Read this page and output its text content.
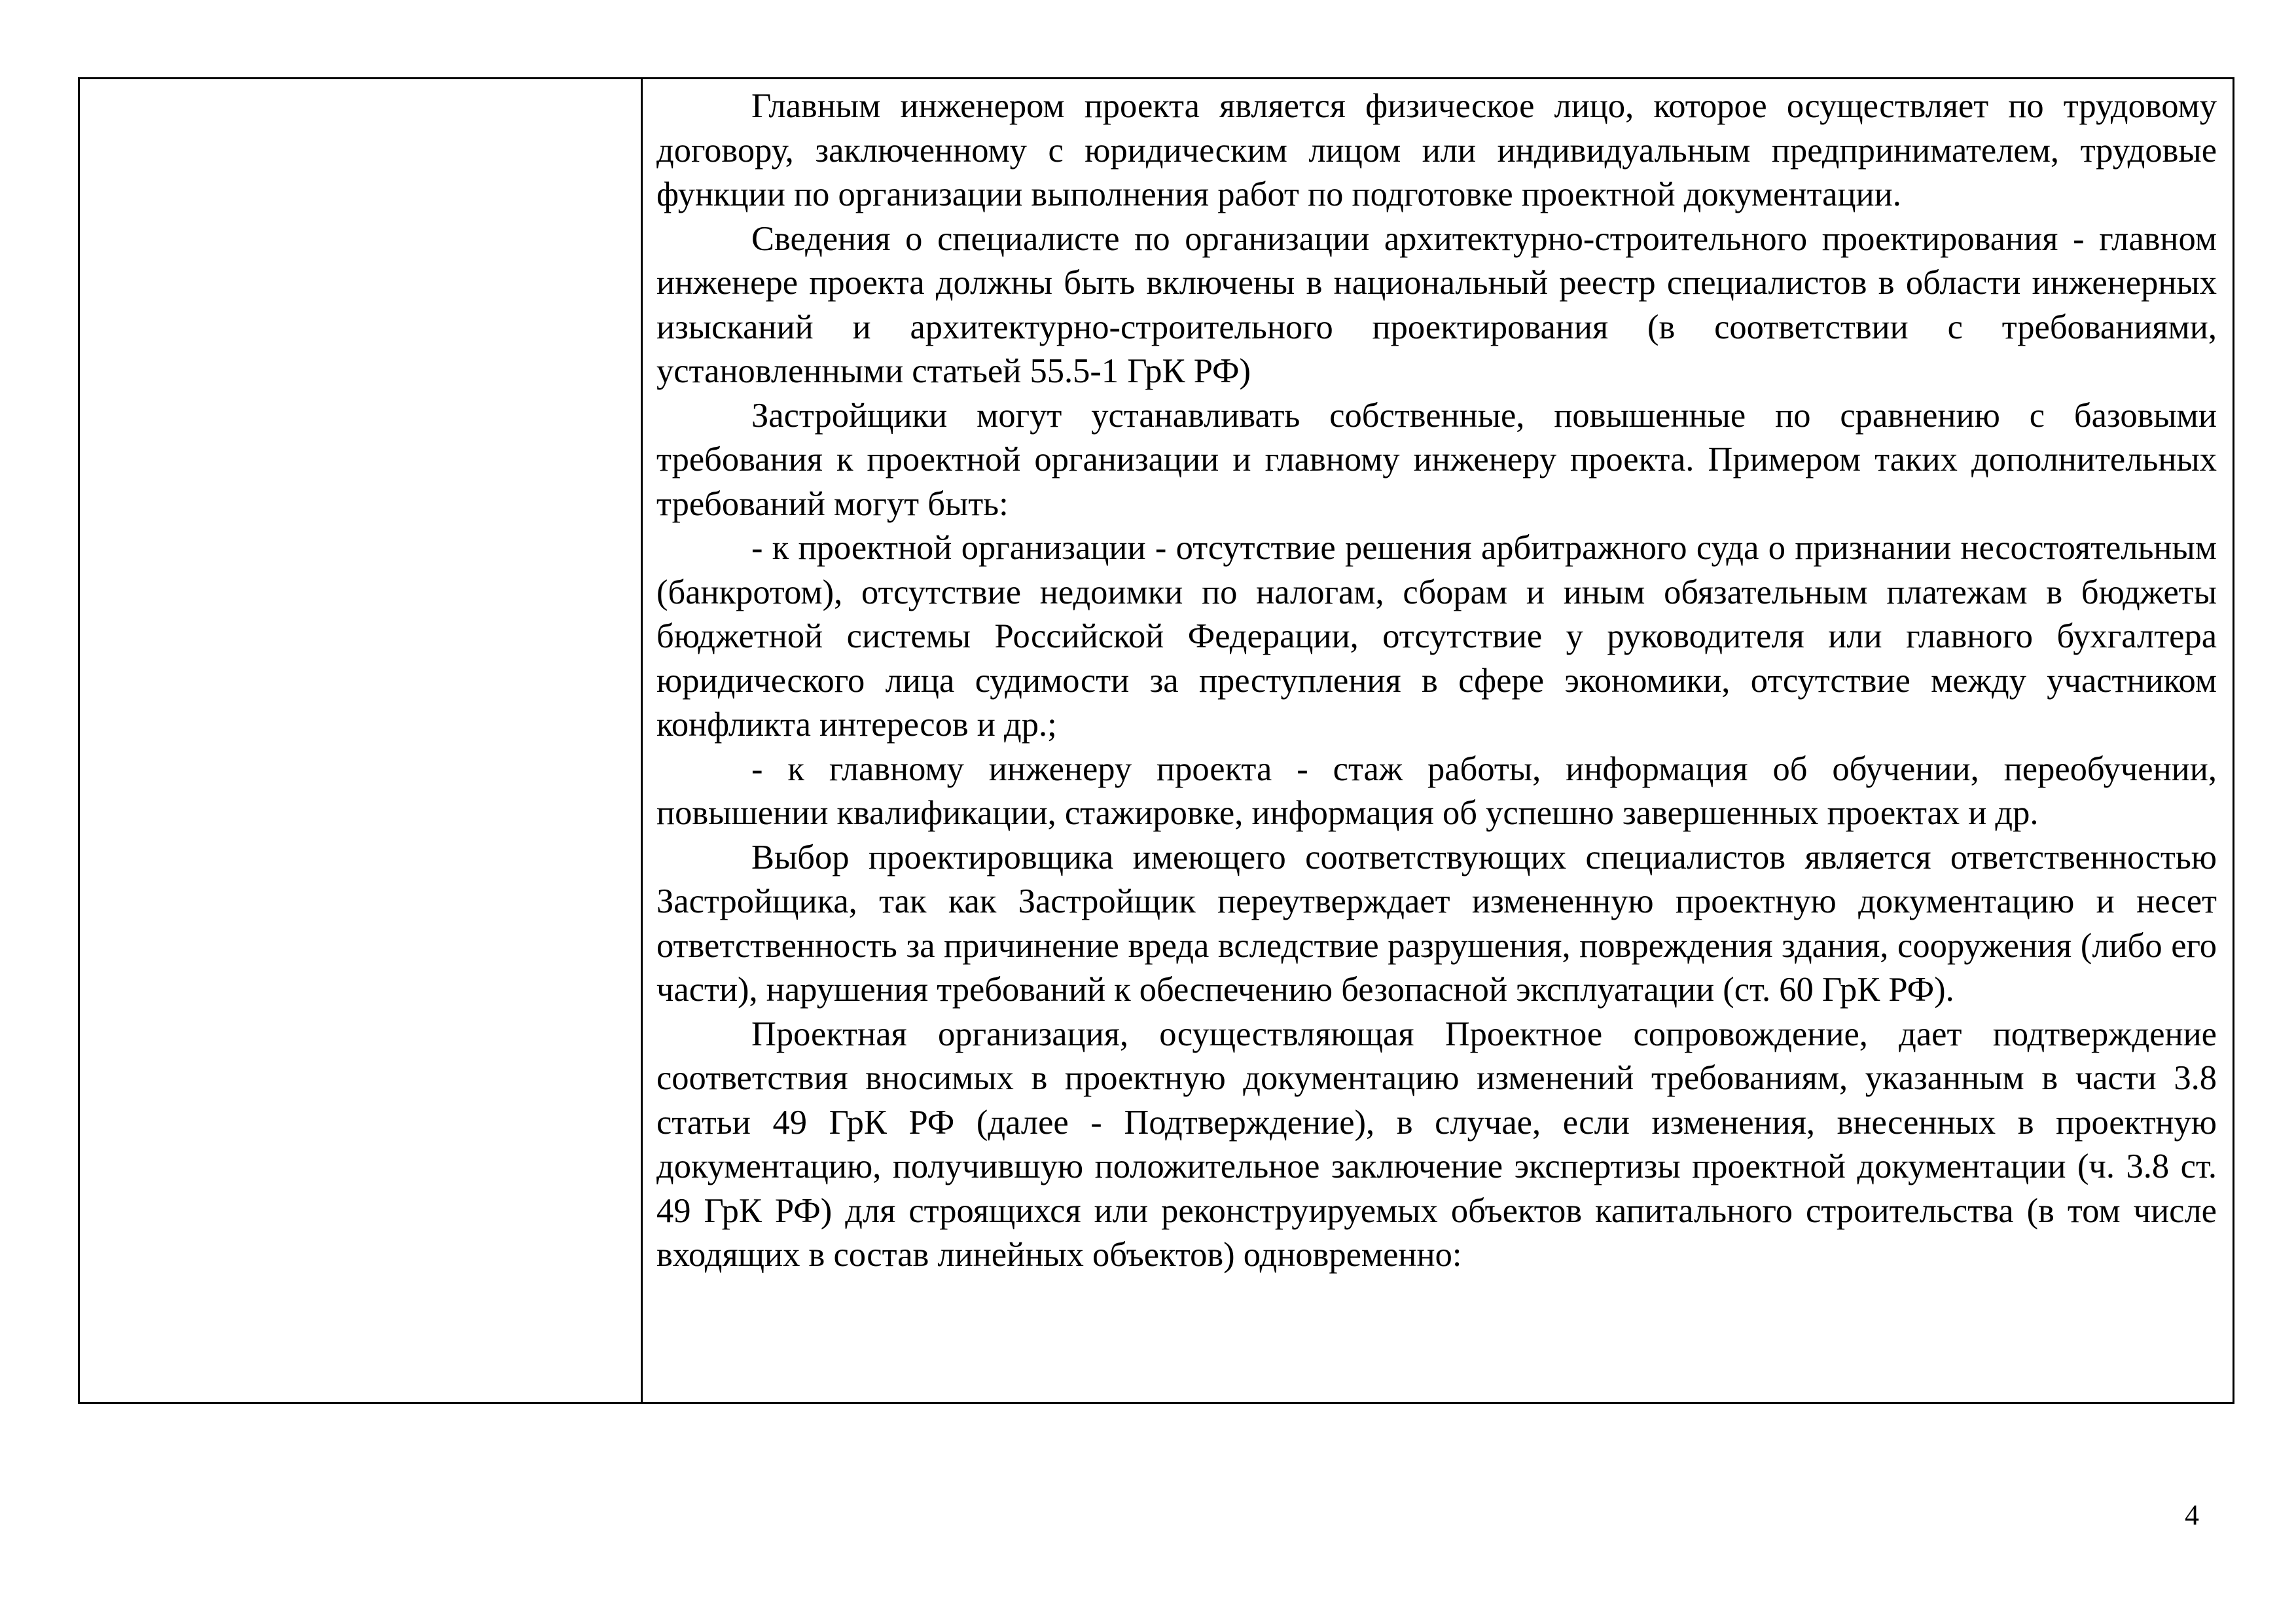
Главным инженером проекта является физическое лицо, которое осуществляет по трудовому договору, заключенному с юридическим лицом или индивидуальным предпринимателем, трудовые функции по организации выполнения работ по подготовке проектной документации.

Сведения о специалисте по организации архитектурно-строительного проектирования - главном инженере проекта должны быть включены в национальный реестр специалистов в области инженерных изысканий и архитектурно-строительного проектирования (в соответствии с требованиями, установленными статьей 55.5-1 ГрК РФ)

Застройщики могут устанавливать собственные, повышенные по сравнению с базовыми требования к проектной организации и главному инженеру проекта. Примером таких дополнительных требований могут быть:

- к проектной организации - отсутствие решения арбитражного суда о признании несостоятельным (банкротом), отсутствие недоимки по налогам, сборам и иным обязательным платежам в бюджеты бюджетной системы Российской Федерации, отсутствие у руководителя или главного бухгалтера юридического лица судимости за преступления в сфере экономики, отсутствие между участником конфликта интересов и др.;

- к главному инженеру проекта - стаж работы, информация об обучении, переобучении, повышении квалификации, стажировке, информация об успешно завершенных проектах и др.

Выбор проектировщика имеющего соответствующих специалистов является ответственностью Застройщика, так как Застройщик переутверждает измененную проектную документацию и несет ответственность за причинение вреда вследствие разрушения, повреждения здания, сооружения (либо его части), нарушения требований к обеспечению безопасной эксплуатации (ст. 60 ГрК РФ).

Проектная организация, осуществляющая Проектное сопровождение, дает подтверждение соответствия вносимых в проектную документацию изменений требованиям, указанным в части 3.8 статьи 49 ГрК РФ (далее - Подтверждение), в случае, если изменения, внесенных в проектную документацию, получившую положительное заключение экспертизы проектной документации (ч. 3.8 ст. 49 ГрК РФ) для строящихся или реконструируемых объектов капитального строительства (в том числе входящих в состав линейных объектов) одновременно:

4
